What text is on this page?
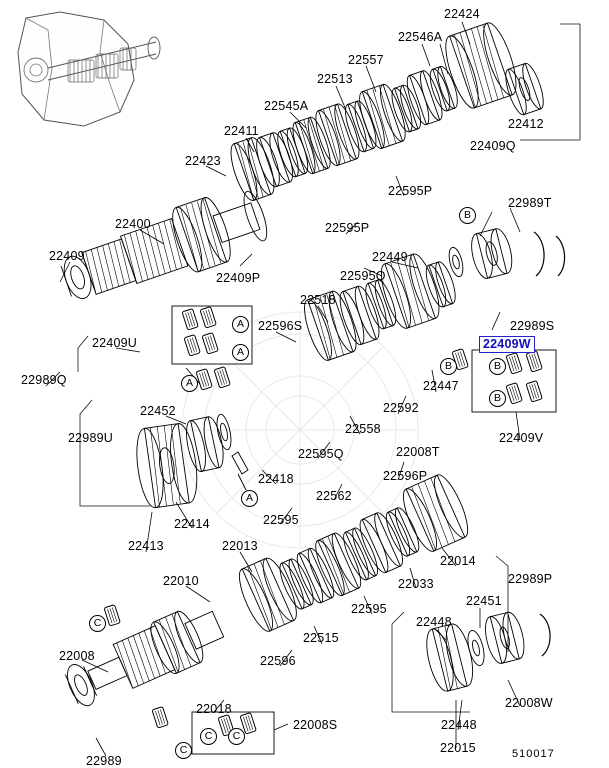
22424
22546A
22557
22513
22412
22545A
22409Q
22411
22423
22595P
22989T
22400	22595P
22449
22409
22409P	22595Q
22518
22989S
22596S
22409U	22409W
22989Q	22447
22592
22452
22989U
22558
22409V
22595Q	22008T
22418	22596P
22562
22595
22414
22413	22013
22014
22010	22033	22989P
22595
22451
22448
22008
22515
22596
22008W
22018
22008S	22448
22989
22015
B
A
A
B
B
B
A
A
C
C	C
C	510017
